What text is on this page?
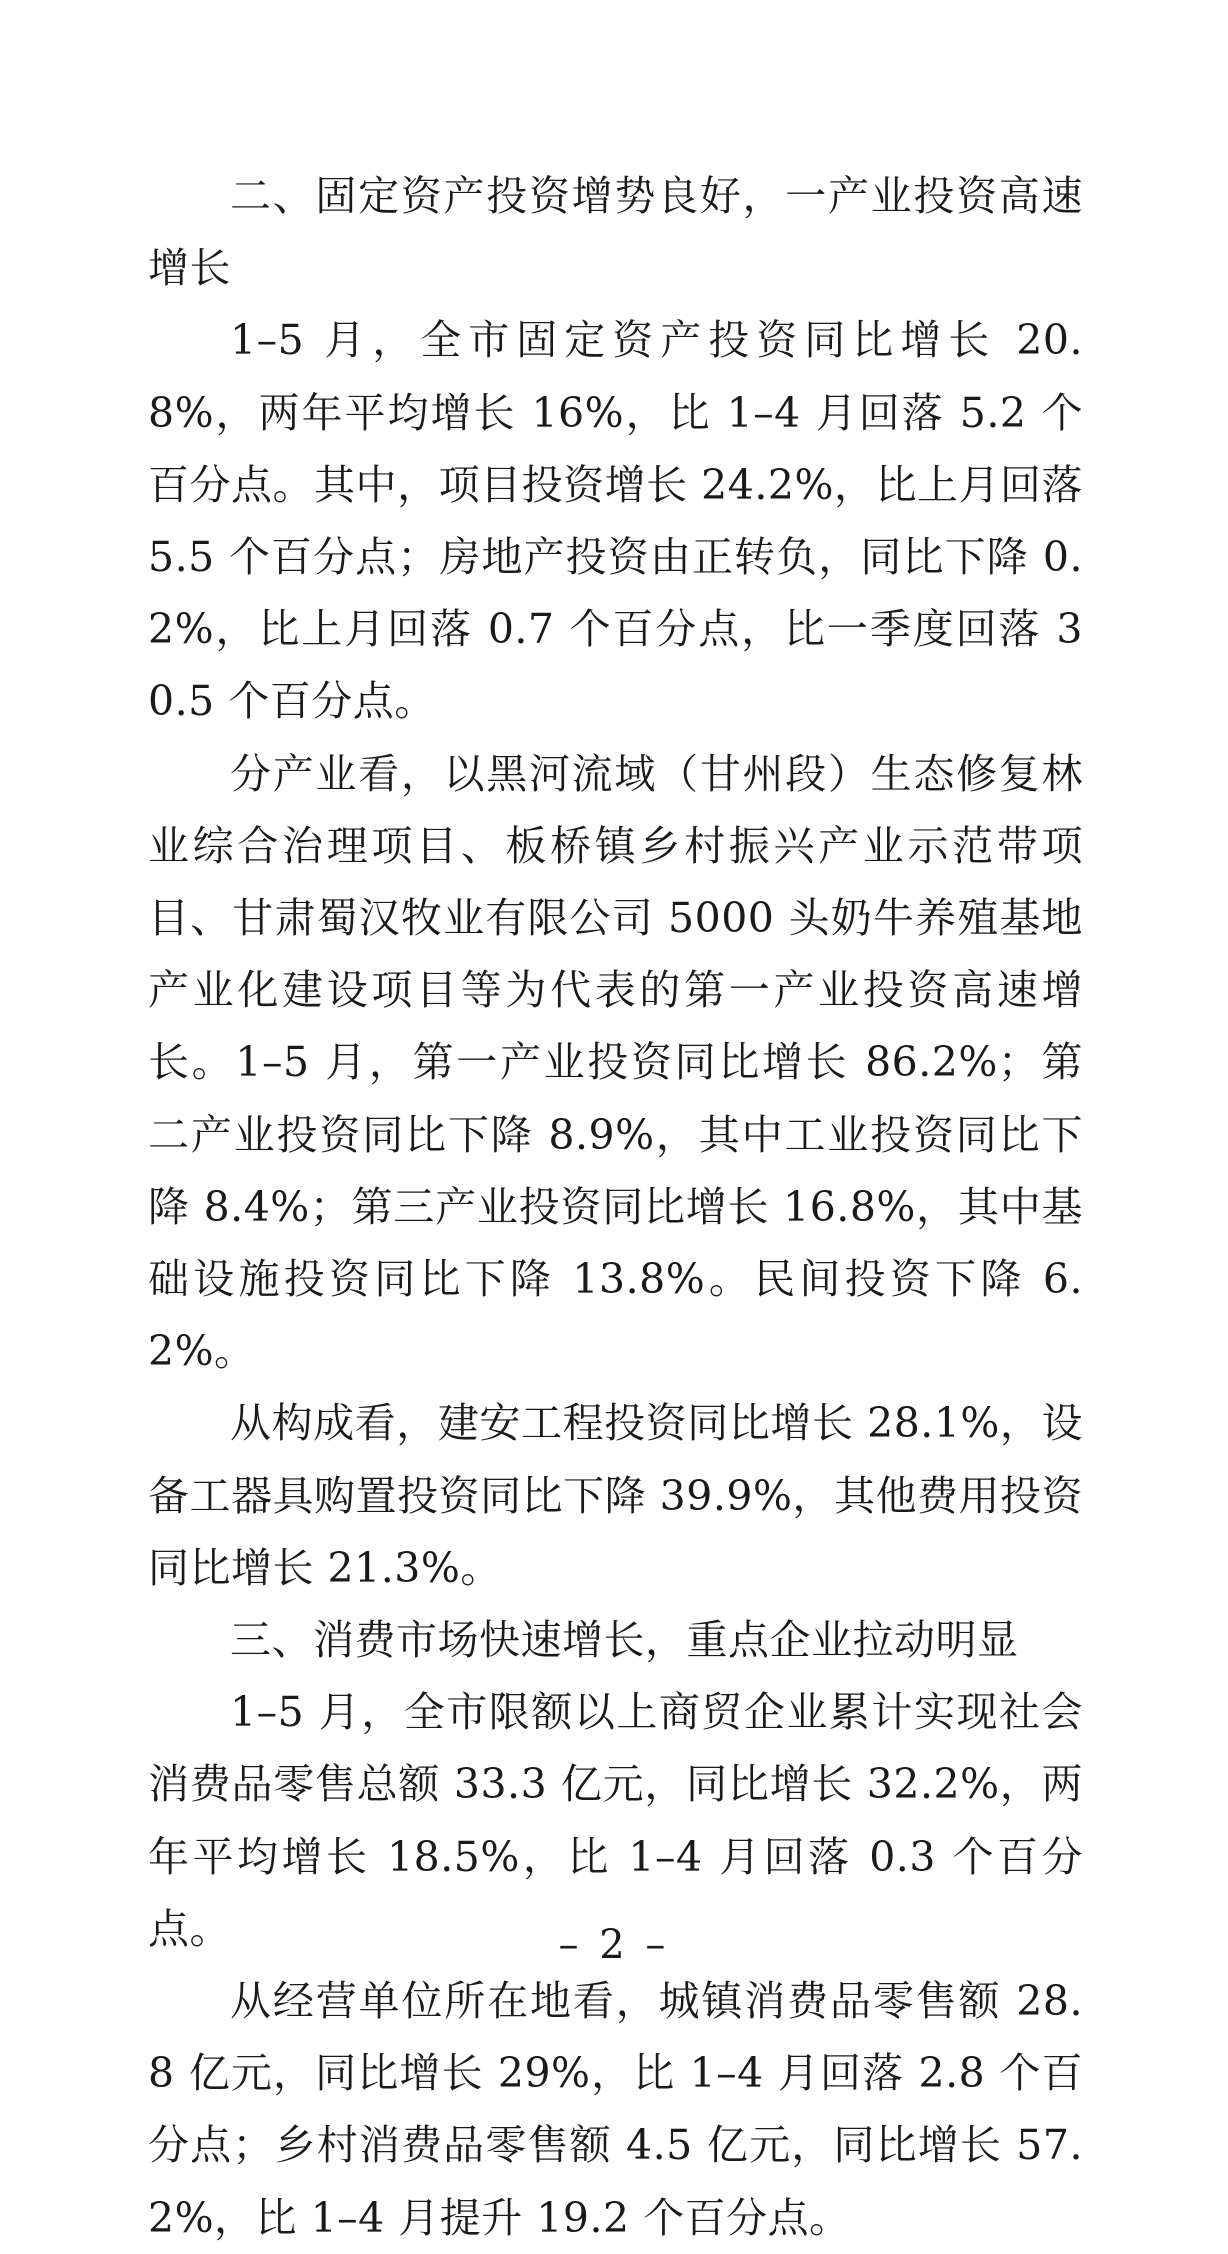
二、固定资产投资增势良好，一产业投资高速增长

1–5 月，全市固定资产投资同比增长 20.8%，两年平均增长 16%，比 1–4 月回落 5.2 个百分点。其中，项目投资增长 24.2%，比上月回落 5.5 个百分点；房地产投资由正转负，同比下降 0.2%，比上月回落 0.7 个百分点，比一季度回落 30.5 个百分点。

分产业看，以黑河流域（甘州段）生态修复林业综合治理项目、板桥镇乡村振兴产业示范带项目、甘肃蜀汉牧业有限公司 5000 头奶牛养殖基地产业化建设项目等为代表的第一产业投资高速增长。1–5 月，第一产业投资同比增长 86.2%；第二产业投资同比下降 8.9%，其中工业投资同比下降 8.4%；第三产业投资同比增长 16.8%，其中基础设施投资同比下降 13.8%。民间投资下降 6.2%。

从构成看，建安工程投资同比增长 28.1%，设备工器具购置投资同比下降 39.9%，其他费用投资同比增长 21.3%。

三、消费市场快速增长，重点企业拉动明显

1–5 月，全市限额以上商贸企业累计实现社会消费品零售总额 33.3 亿元，同比增长 32.2%，两年平均增长 18.5%，比 1–4 月回落 0.3 个百分点。

从经营单位所在地看，城镇消费品零售额 28.8 亿元，同比增长 29%，比 1–4 月回落 2.8 个百分点；乡村消费品零售额 4.5 亿元，同比增长 57.2%，比 1–4 月提升 19.2 个百分点。

– 2 –
